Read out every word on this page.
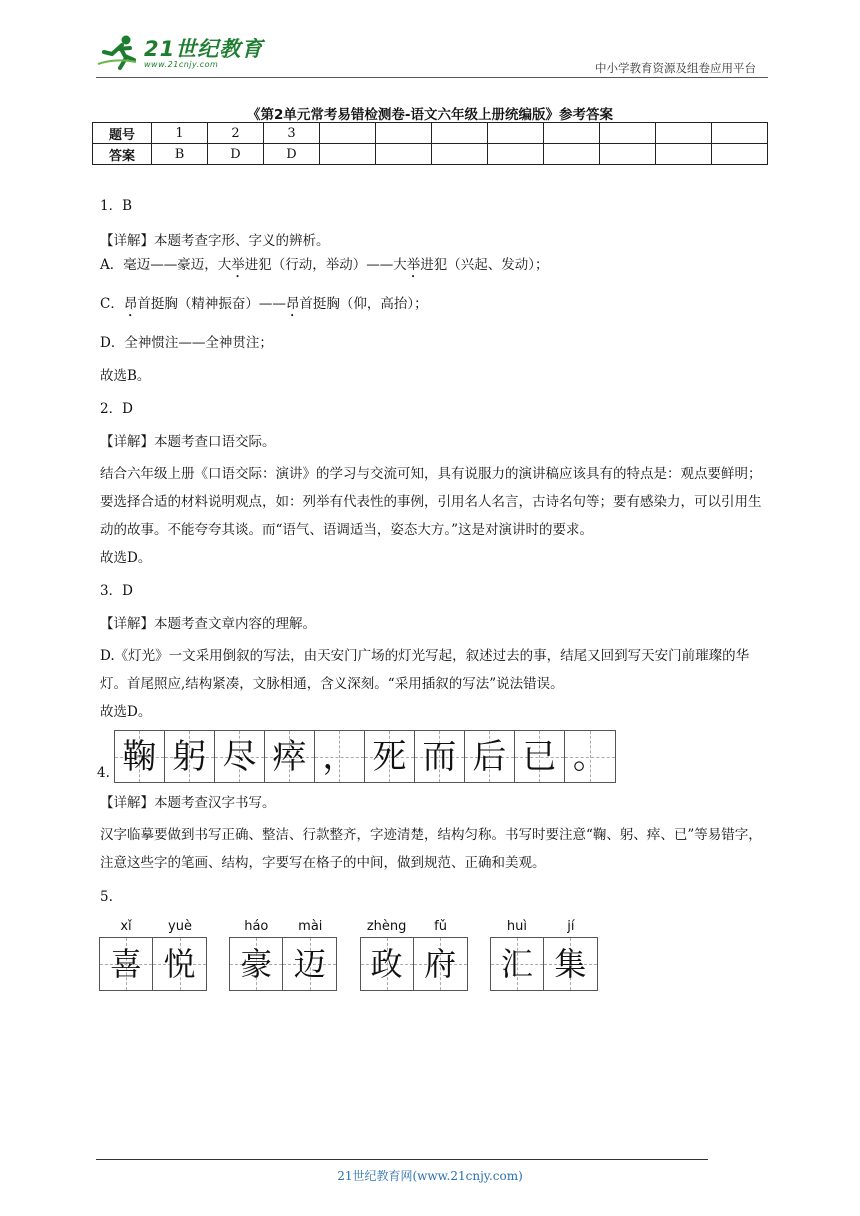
21世纪教育
www.21cnjy.com	中小学教育资源及组卷应用平台
《第2单元常考易错检测卷-语文六年级上册统编版》参考答案
题号	1	2	3								
答案	B	D	D								

1．B

【详解】本题考查字形、字义的辨析。

A．毫迈——豪迈，大举进犯（行动，举动）——大举进犯（兴起、发动）；

C．昂首挺胸（精神振奋）——昂首挺胸（仰，高抬）；

D．全神惯注——全神贯注；

故选B。

2．D

【详解】本题考查口语交际。

结合六年级上册《口语交际：演讲》的学习与交流可知，具有说服力的演讲稿应该具有的特点是：观点要鲜明；要选择合适的材料说明观点，如：列举有代表性的事例，引用名人名言，古诗名句等；要有感染力，可以引用生动的故事。不能夸夸其谈。而“语气、语调适当，姿态大方。”这是对演讲时的要求。

故选D。

3．D

【详解】本题考查文章内容的理解。

D.《灯光》一文采用倒叙的写法，由天安门广场的灯光写起，叙述过去的事，结尾又回到写天安门前璀璨的华灯。首尾照应,结构紧凑，文脉相通，含义深刻。“采用插叙的写法”说法错误。

故选D。

4. 鞠 躬 尽 瘁 ， 死 而 后 已 。

【详解】本题考查汉字书写。

汉字临摹要做到书写正确、整洁、行款整齐，字迹清楚，结构匀称。书写时要注意“鞠、躬、瘁、已”等易错字，注意这些字的笔画、结构，字要写在格子的中间，做到规范、正确和美观。

5.

xǐ	yuè
喜 悦

háo	mài
豪 迈

zhèng	fǔ
政 府

huì	jí
汇 集
21世纪教育网(www.21cnjy.com)
